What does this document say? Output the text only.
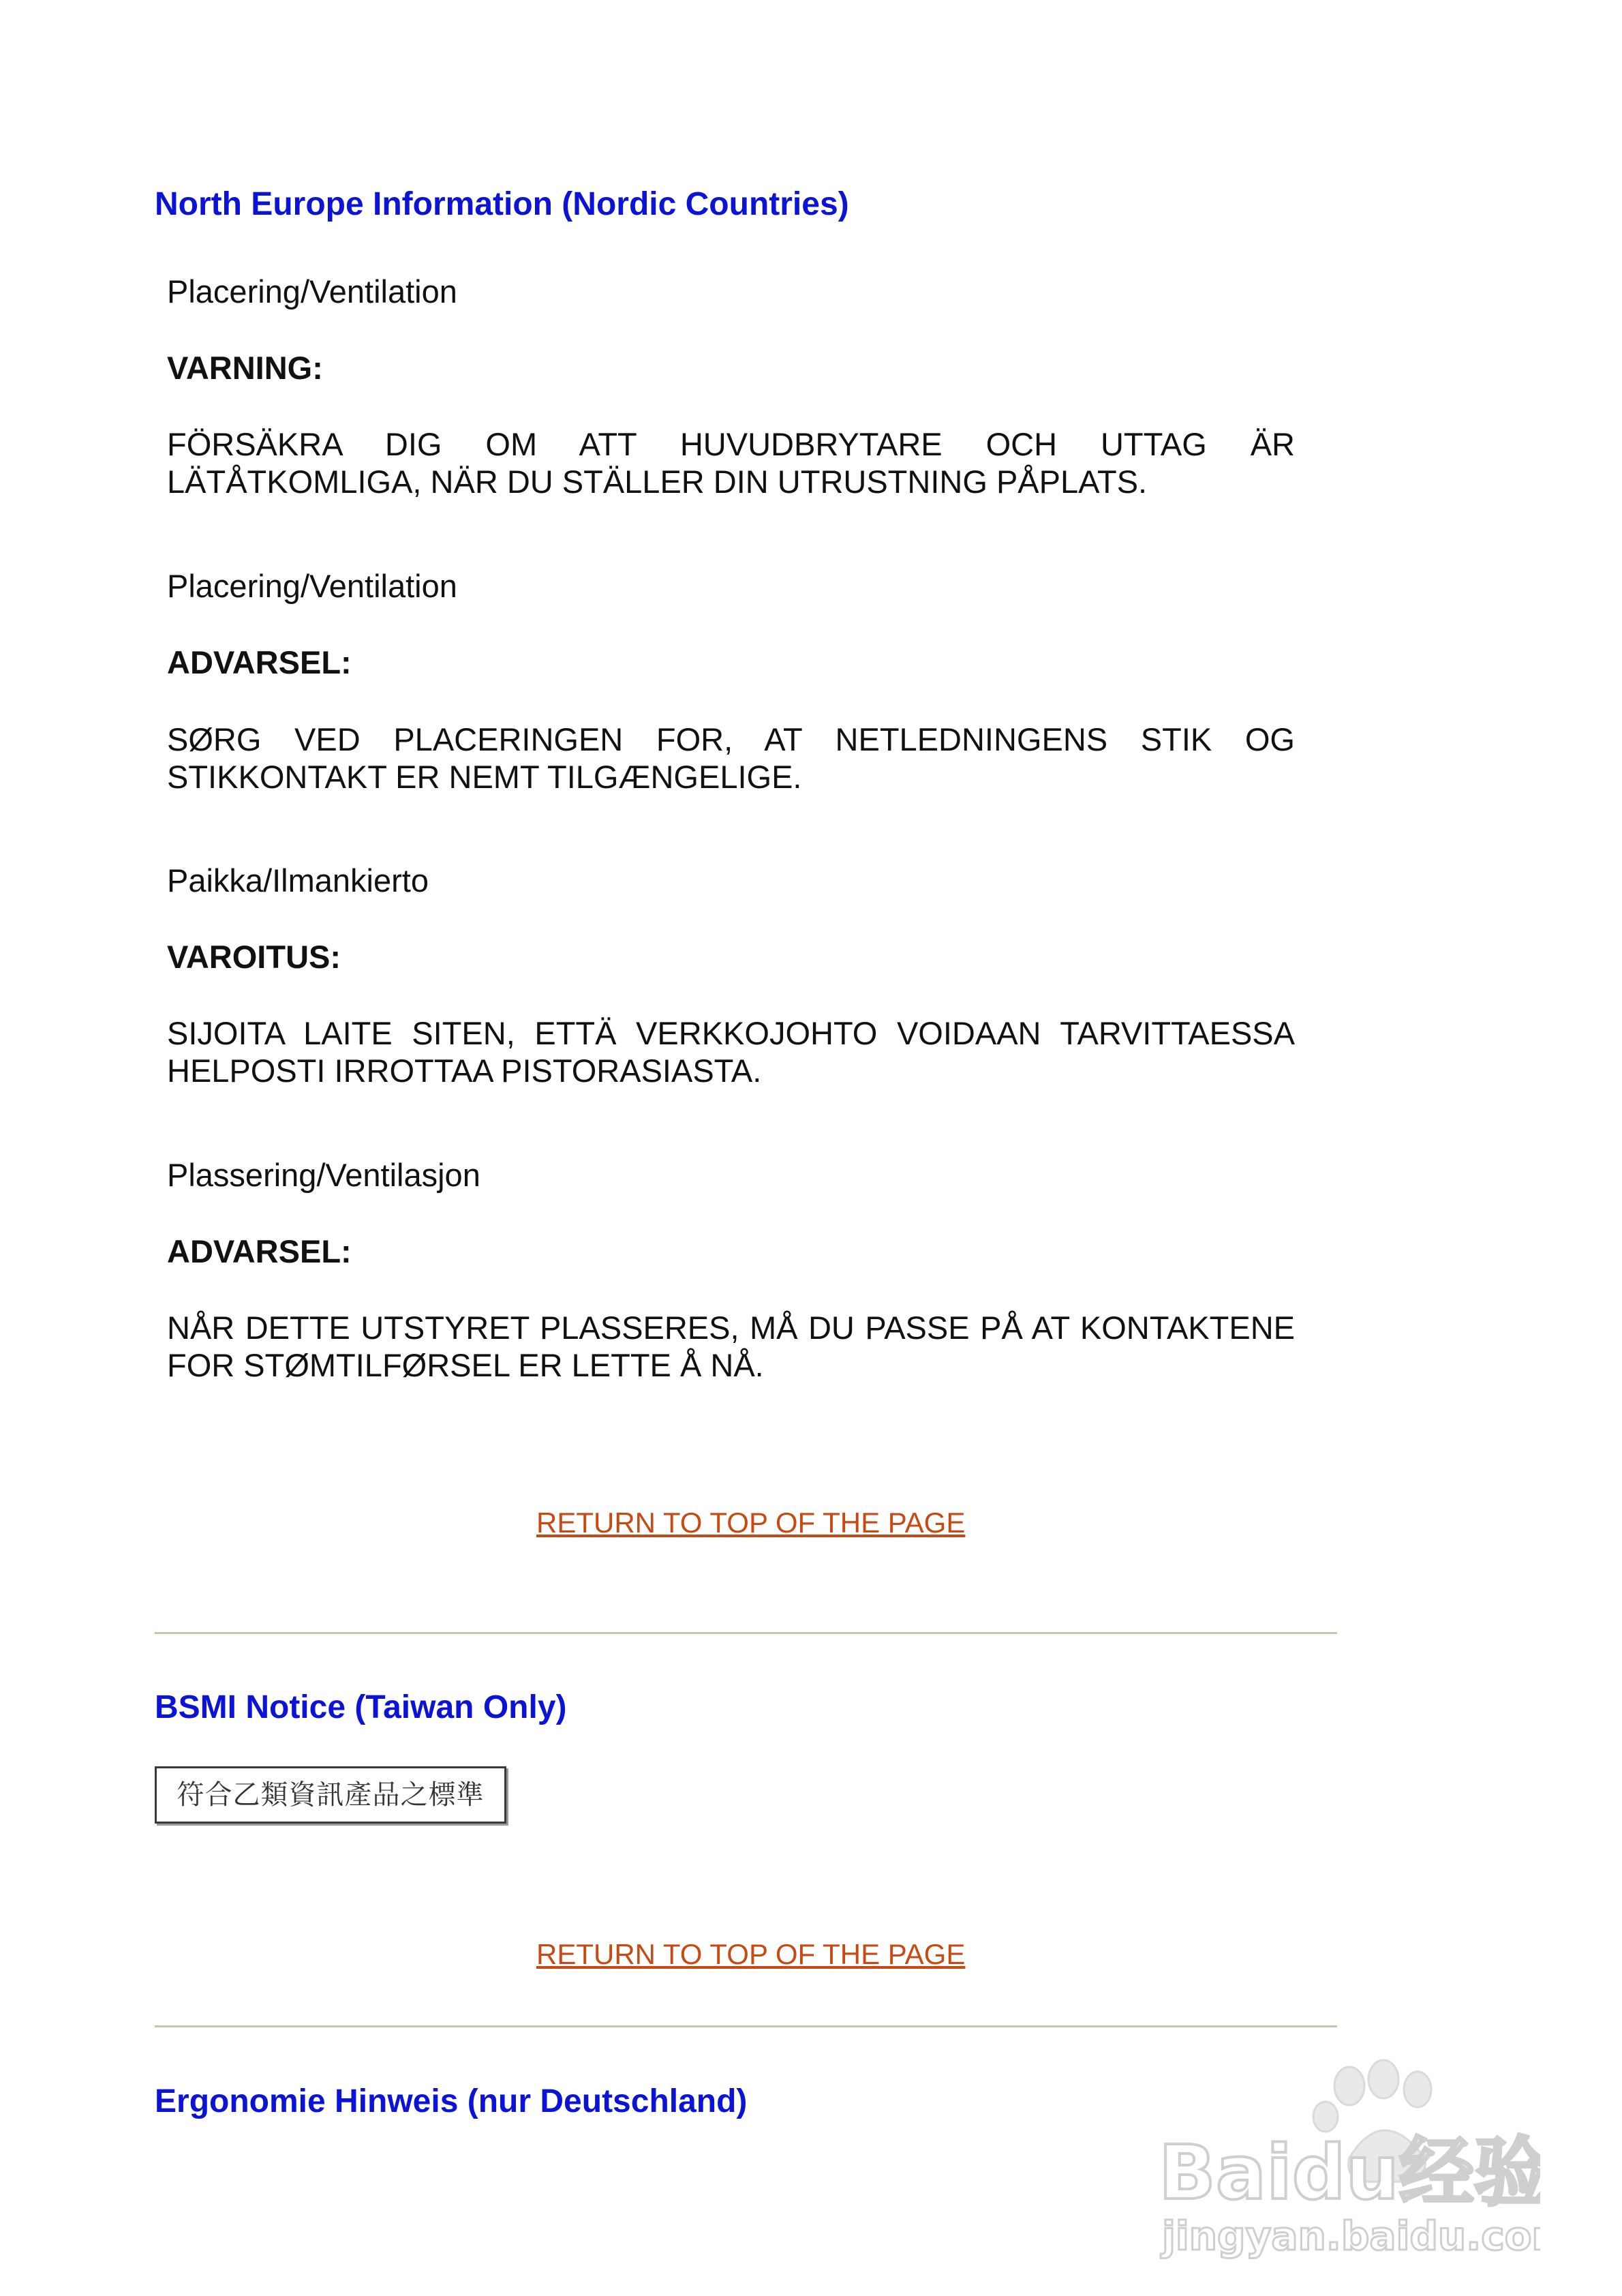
North Europe Information (Nordic Countries)

Placering/Ventilation

VARNING:

FÖRSÄKRA DIG OM ATT HUVUDBRYTARE OCH UTTAG ÄR LÄTÅTKOMLIGA, NÄR DU STÄLLER DIN UTRUSTNING PÅPLATS.

Placering/Ventilation

ADVARSEL:

SØRG VED PLACERINGEN FOR, AT NETLEDNINGENS STIK OG STIKKONTAKT ER NEMT TILGÆNGELIGE.

Paikka/Ilmankierto

VAROITUS:

SIJOITA LAITE SITEN, ETTÄ VERKKOJOHTO VOIDAAN TARVITTAESSA HELPOSTI IRROTTAA PISTORASIASTA.

Plassering/Ventilasjon

ADVARSEL:

NÅR DETTE UTSTYRET PLASSERES, MÅ DU PASSE PÅ AT KONTAKTENE FOR STØMTILFØRSEL ER LETTE Å NÅ.

RETURN TO TOP OF THE PAGE
BSMI Notice (Taiwan Only)
符合乙類資訊產品之標準
RETURN TO TOP OF THE PAGE
Ergonomie Hinweis (nur Deutschland)
Baidu经验
jingyan.baidu.com
